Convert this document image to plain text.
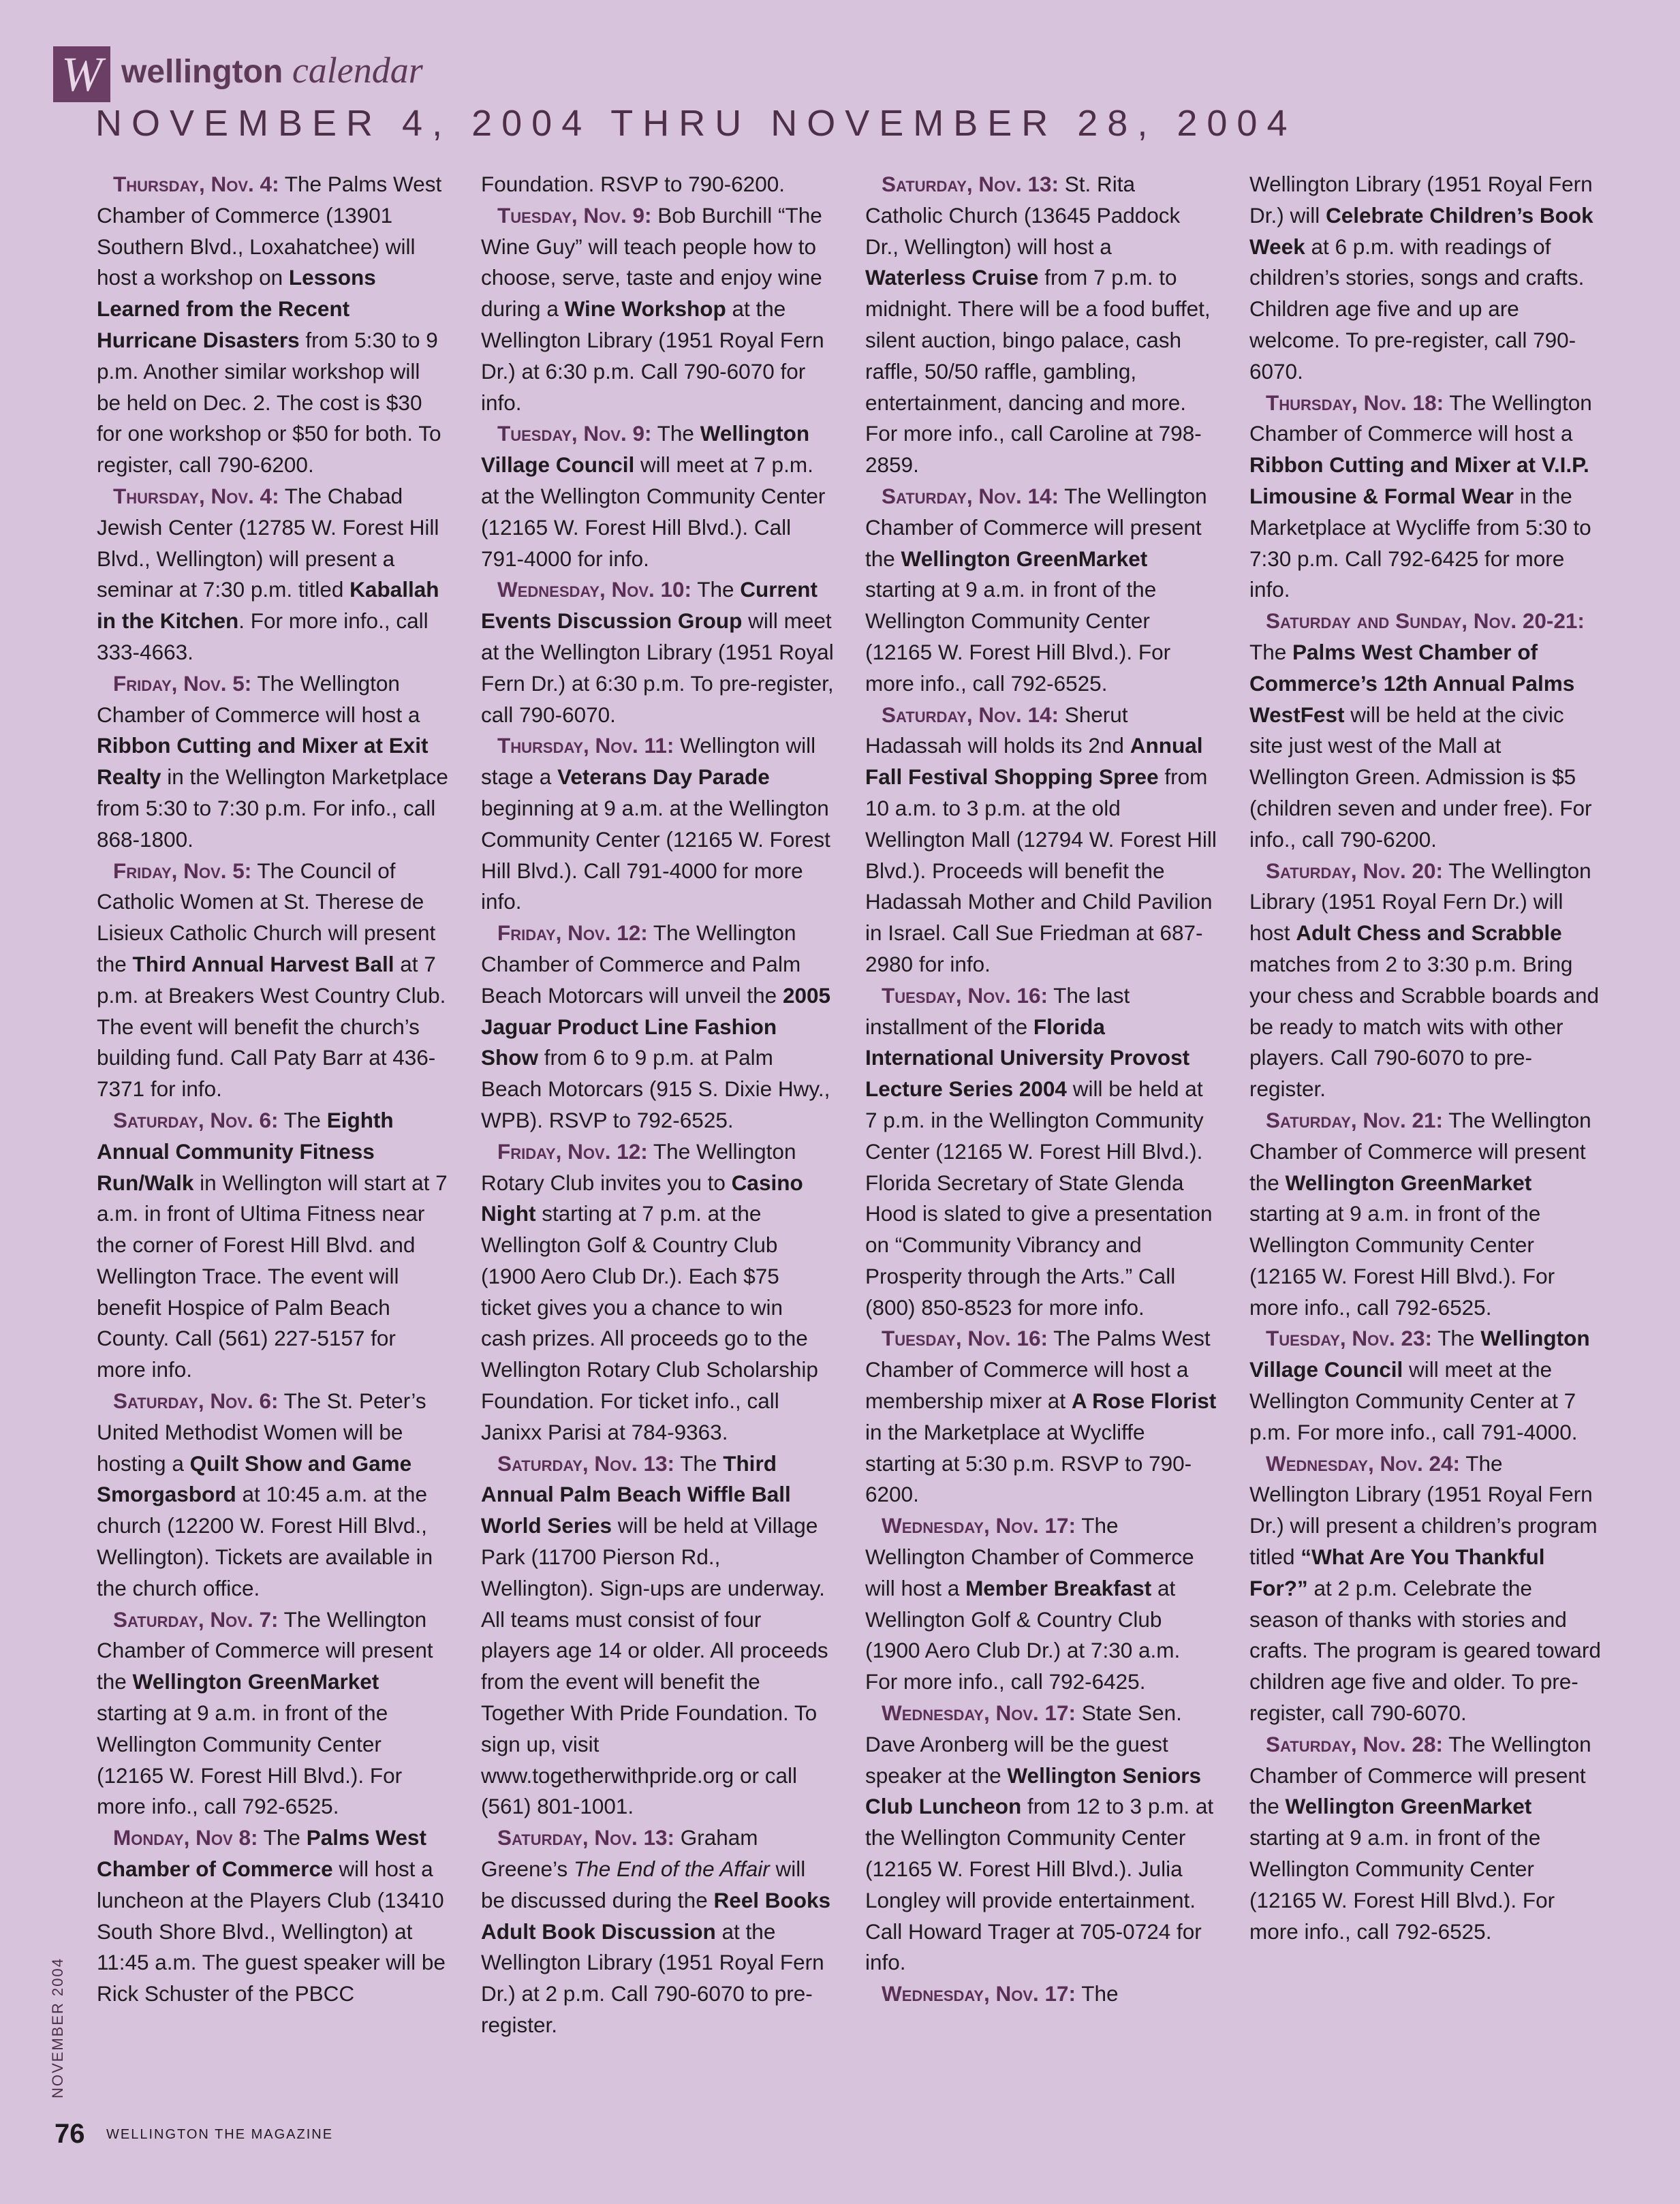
W wellington calendar
NOVEMBER 4, 2004 THRU NOVEMBER 28, 2004

Thursday, Nov. 4: The Palms West Chamber of Commerce (13901 Southern Blvd., Loxahatchee) will host a workshop on Lessons Learned from the Recent Hurricane Disasters from 5:30 to 9 p.m. Another similar workshop will be held on Dec. 2. The cost is $30 for one workshop or $50 for both. To register, call 790-6200.

Thursday, Nov. 4: The Chabad Jewish Center (12785 W. Forest Hill Blvd., Wellington) will present a seminar at 7:30 p.m. titled Kaballah in the Kitchen. For more info., call 333-4663.

Friday, Nov. 5: The Wellington Chamber of Commerce will host a Ribbon Cutting and Mixer at Exit Realty in the Wellington Marketplace from 5:30 to 7:30 p.m. For info., call 868-1800.

Friday, Nov. 5: The Council of Catholic Women at St. Therese de Lisieux Catholic Church will present the Third Annual Harvest Ball at 7 p.m. at Breakers West Country Club. The event will benefit the church’s building fund. Call Paty Barr at 436-7371 for info.

Saturday, Nov. 6: The Eighth Annual Community Fitness Run/Walk in Wellington will start at 7 a.m. in front of Ultima Fitness near the corner of Forest Hill Blvd. and Wellington Trace. The event will benefit Hospice of Palm Beach County. Call (561) 227-5157 for more info.

Saturday, Nov. 6: The St. Peter’s United Methodist Women will be hosting a Quilt Show and Game Smorgasbord at 10:45 a.m. at the church (12200 W. Forest Hill Blvd., Wellington). Tickets are available in the church office.

Saturday, Nov. 7: The Wellington Chamber of Commerce will present the Wellington GreenMarket starting at 9 a.m. in front of the Wellington Community Center (12165 W. Forest Hill Blvd.). For more info., call 792-6525.

Monday, Nov 8: The Palms West Chamber of Commerce will host a luncheon at the Players Club (13410 South Shore Blvd., Wellington) at 11:45 a.m. The guest speaker will be Rick Schuster of the PBCC

Foundation. RSVP to 790-6200.

Tuesday, Nov. 9: Bob Burchill “The Wine Guy” will teach people how to choose, serve, taste and enjoy wine during a Wine Workshop at the Wellington Library (1951 Royal Fern Dr.) at 6:30 p.m. Call 790-6070 for info.

Tuesday, Nov. 9: The Wellington Village Council will meet at 7 p.m. at the Wellington Community Center (12165 W. Forest Hill Blvd.). Call 791-4000 for info.

Wednesday, Nov. 10: The Current Events Discussion Group will meet at the Wellington Library (1951 Royal Fern Dr.) at 6:30 p.m. To pre-register, call 790-6070.

Thursday, Nov. 11: Wellington will stage a Veterans Day Parade beginning at 9 a.m. at the Wellington Community Center (12165 W. Forest Hill Blvd.). Call 791-4000 for more info.

Friday, Nov. 12: The Wellington Chamber of Commerce and Palm Beach Motorcars will unveil the 2005 Jaguar Product Line Fashion Show from 6 to 9 p.m. at Palm Beach Motorcars (915 S. Dixie Hwy., WPB). RSVP to 792-6525.

Friday, Nov. 12: The Wellington Rotary Club invites you to Casino Night starting at 7 p.m. at the Wellington Golf & Country Club (1900 Aero Club Dr.). Each $75 ticket gives you a chance to win cash prizes. All proceeds go to the Wellington Rotary Club Scholarship Foundation. For ticket info., call Janixx Parisi at 784-9363.

Saturday, Nov. 13: The Third Annual Palm Beach Wiffle Ball World Series will be held at Village Park (11700 Pierson Rd., Wellington). Sign-ups are underway. All teams must consist of four players age 14 or older. All proceeds from the event will benefit the Together With Pride Foundation. To sign up, visit www.togetherwithpride.org or call (561) 801-1001.

Saturday, Nov. 13: Graham Greene’s The End of the Affair will be discussed during the Reel Books Adult Book Discussion at the Wellington Library (1951 Royal Fern Dr.) at 2 p.m. Call 790-6070 to pre-register.

Saturday, Nov. 13: St. Rita Catholic Church (13645 Paddock Dr., Wellington) will host a Waterless Cruise from 7 p.m. to midnight. There will be a food buffet, silent auction, bingo palace, cash raffle, 50/50 raffle, gambling, entertainment, dancing and more. For more info., call Caroline at 798-2859.

Saturday, Nov. 14: The Wellington Chamber of Commerce will present the Wellington GreenMarket starting at 9 a.m. in front of the Wellington Community Center (12165 W. Forest Hill Blvd.). For more info., call 792-6525.

Saturday, Nov. 14: Sherut Hadassah will holds its 2nd Annual Fall Festival Shopping Spree from 10 a.m. to 3 p.m. at the old Wellington Mall (12794 W. Forest Hill Blvd.). Proceeds will benefit the Hadassah Mother and Child Pavilion in Israel. Call Sue Friedman at 687-2980 for info.

Tuesday, Nov. 16: The last installment of the Florida International University Provost Lecture Series 2004 will be held at 7 p.m. in the Wellington Community Center (12165 W. Forest Hill Blvd.). Florida Secretary of State Glenda Hood is slated to give a presentation on “Community Vibrancy and Prosperity through the Arts.” Call (800) 850-8523 for more info.

Tuesday, Nov. 16: The Palms West Chamber of Commerce will host a membership mixer at A Rose Florist in the Marketplace at Wycliffe starting at 5:30 p.m. RSVP to 790-6200.

Wednesday, Nov. 17: The Wellington Chamber of Commerce will host a Member Breakfast at Wellington Golf & Country Club (1900 Aero Club Dr.) at 7:30 a.m. For more info., call 792-6425.

Wednesday, Nov. 17: State Sen. Dave Aronberg will be the guest speaker at the Wellington Seniors Club Luncheon from 12 to 3 p.m. at the Wellington Community Center (12165 W. Forest Hill Blvd.). Julia Longley will provide entertainment. Call Howard Trager at 705-0724 for info.

Wednesday, Nov. 17: The

Wellington Library (1951 Royal Fern Dr.) will Celebrate Children’s Book Week at 6 p.m. with readings of children’s stories, songs and crafts. Children age five and up are welcome. To pre-register, call 790-6070.

Thursday, Nov. 18: The Wellington Chamber of Commerce will host a Ribbon Cutting and Mixer at V.I.P. Limousine & Formal Wear in the Marketplace at Wycliffe from 5:30 to 7:30 p.m. Call 792-6425 for more info.

Saturday and Sunday, Nov. 20-21: The Palms West Chamber of Commerce’s 12th Annual Palms WestFest will be held at the civic site just west of the Mall at Wellington Green. Admission is $5 (children seven and under free). For info., call 790-6200.

Saturday, Nov. 20: The Wellington Library (1951 Royal Fern Dr.) will host Adult Chess and Scrabble matches from 2 to 3:30 p.m. Bring your chess and Scrabble boards and be ready to match wits with other players. Call 790-6070 to pre-register.

Saturday, Nov. 21: The Wellington Chamber of Commerce will present the Wellington GreenMarket starting at 9 a.m. in front of the Wellington Community Center (12165 W. Forest Hill Blvd.). For more info., call 792-6525.

Tuesday, Nov. 23: The Wellington Village Council will meet at the Wellington Community Center at 7 p.m. For more info., call 791-4000.

Wednesday, Nov. 24: The Wellington Library (1951 Royal Fern Dr.) will present a children’s program titled “What Are You Thankful For?” at 2 p.m. Celebrate the season of thanks with stories and crafts. The program is geared toward children age five and older. To pre-register, call 790-6070.

Saturday, Nov. 28: The Wellington Chamber of Commerce will present the Wellington GreenMarket starting at 9 a.m. in front of the Wellington Community Center (12165 W. Forest Hill Blvd.). For more info., call 792-6525.

NOVEMBER 2004
76 WELLINGTON THE MAGAZINE
